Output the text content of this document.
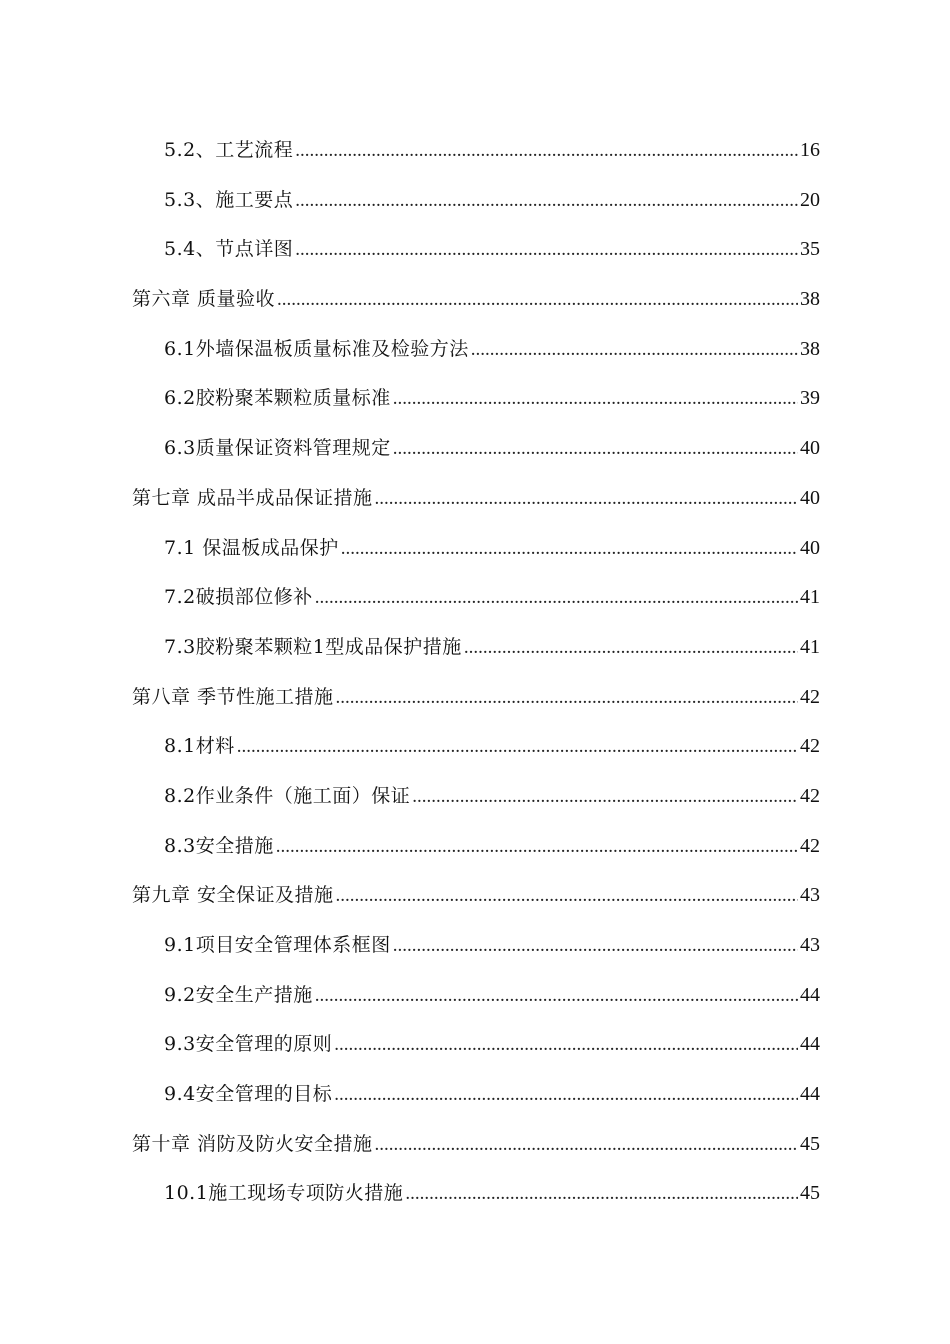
5.2、工艺流程 .....	16
5.3、施工要点 .....	20
5.4、节点详图 .....	35
第六章 质量验收 .....	38
6.1外墙保温板质量标准及检验方法 .....	38
6.2胶粉聚苯颗粒质量标准 .....	39
6.3质量保证资料管理规定 .....	40
第七章 成品半成品保证措施 .....	40
7.1 保温板成品保护 .....	40
7.2破损部位修补 .....	41
7.3胶粉聚苯颗粒1型成品保护措施 .....	41
第八章 季节性施工措施 .....	42
8.1材料 .....	42
8.2作业条件（施工面）保证 .....	42
8.3安全措施 .....	42
第九章 安全保证及措施 .....	43
9.1项目安全管理体系框图 .....	43
9.2安全生产措施 .....	44
9.3安全管理的原则 .....	44
9.4安全管理的目标 .....	44
第十章 消防及防火安全措施 .....	45
10.1施工现场专项防火措施 .....	45
